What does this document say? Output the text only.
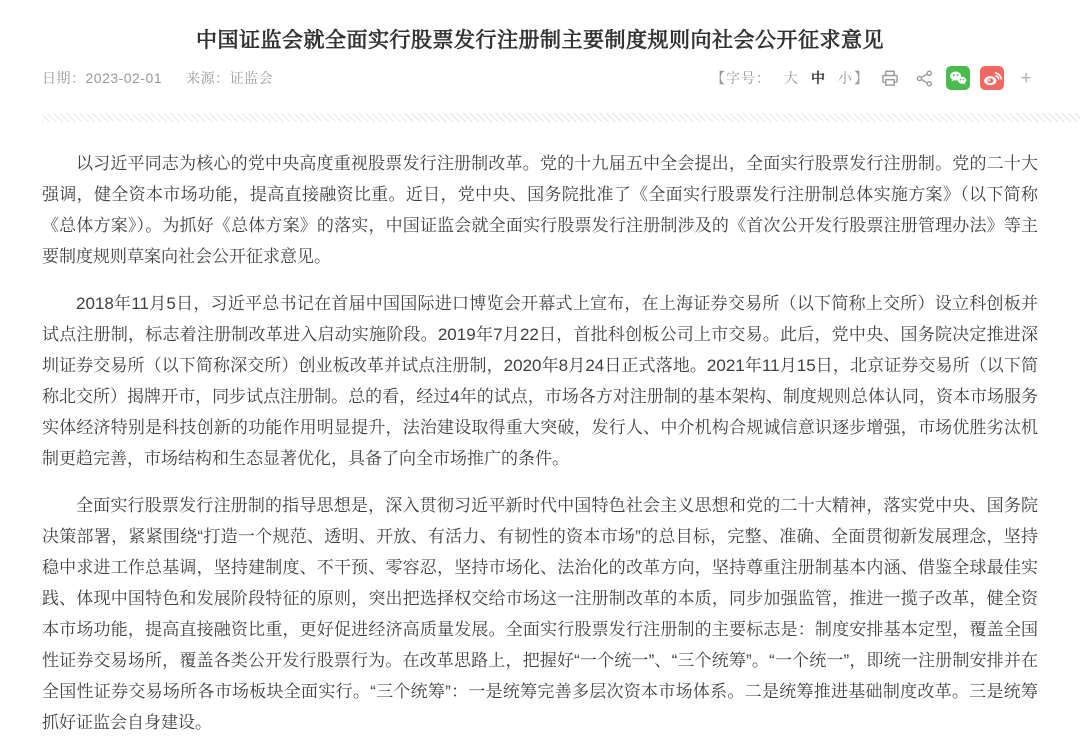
中国证监会就全面实行股票发行注册制主要制度规则向社会公开征求意见
日期：2023-02-01 来源：证监会	【字号： 大 中 小 】	+

以习近平同志为核心的党中央高度重视股票发行注册制改革。党的十九届五中全会提出，全面实行股票发行注册制。党的二十大强调，健全资本市场功能，提高直接融资比重。近日，党中央、国务院批准了《全面实行股票发行注册制总体实施方案》（以下简称《总体方案》）。为抓好《总体方案》的落实，中国证监会就全面实行股票发行注册制涉及的《首次公开发行股票注册管理办法》等主要制度规则草案向社会公开征求意见。

2018年11月5日，习近平总书记在首届中国国际进口博览会开幕式上宣布，在上海证券交易所（以下简称上交所）设立科创板并试点注册制，标志着注册制改革进入启动实施阶段。2019年7月22日，首批科创板公司上市交易。此后，党中央、国务院决定推进深圳证券交易所（以下简称深交所）创业板改革并试点注册制，2020年8月24日正式落地。2021年11月15日，北京证券交易所（以下简称北交所）揭牌开市，同步试点注册制。总的看，经过4年的试点，市场各方对注册制的基本架构、制度规则总体认同，资本市场服务实体经济特别是科技创新的功能作用明显提升，法治建设取得重大突破，发行人、中介机构合规诚信意识逐步增强，市场优胜劣汰机制更趋完善，市场结构和生态显著优化，具备了向全市场推广的条件。

全面实行股票发行注册制的指导思想是，深入贯彻习近平新时代中国特色社会主义思想和党的二十大精神，落实党中央、国务院决策部署，紧紧围绕“打造一个规范、透明、开放、有活力、有韧性的资本市场”的总目标，完整、准确、全面贯彻新发展理念，坚持稳中求进工作总基调，坚持建制度、不干预、零容忍，坚持市场化、法治化的改革方向，坚持尊重注册制基本内涵、借鉴全球最佳实践、体现中国特色和发展阶段特征的原则，突出把选择权交给市场这一注册制改革的本质，同步加强监管，推进一揽子改革，健全资本市场功能，提高直接融资比重，更好促进经济高质量发展。全面实行股票发行注册制的主要标志是：制度安排基本定型，覆盖全国性证券交易场所，覆盖各类公开发行股票行为。在改革思路上，把握好“一个统一”、“三个统筹”。“一个统一”，即统一注册制安排并在全国性证券交易场所各市场板块全面实行。“三个统筹”：一是统筹完善多层次资本市场体系。二是统筹推进基础制度改革。三是统筹抓好证监会自身建设。
